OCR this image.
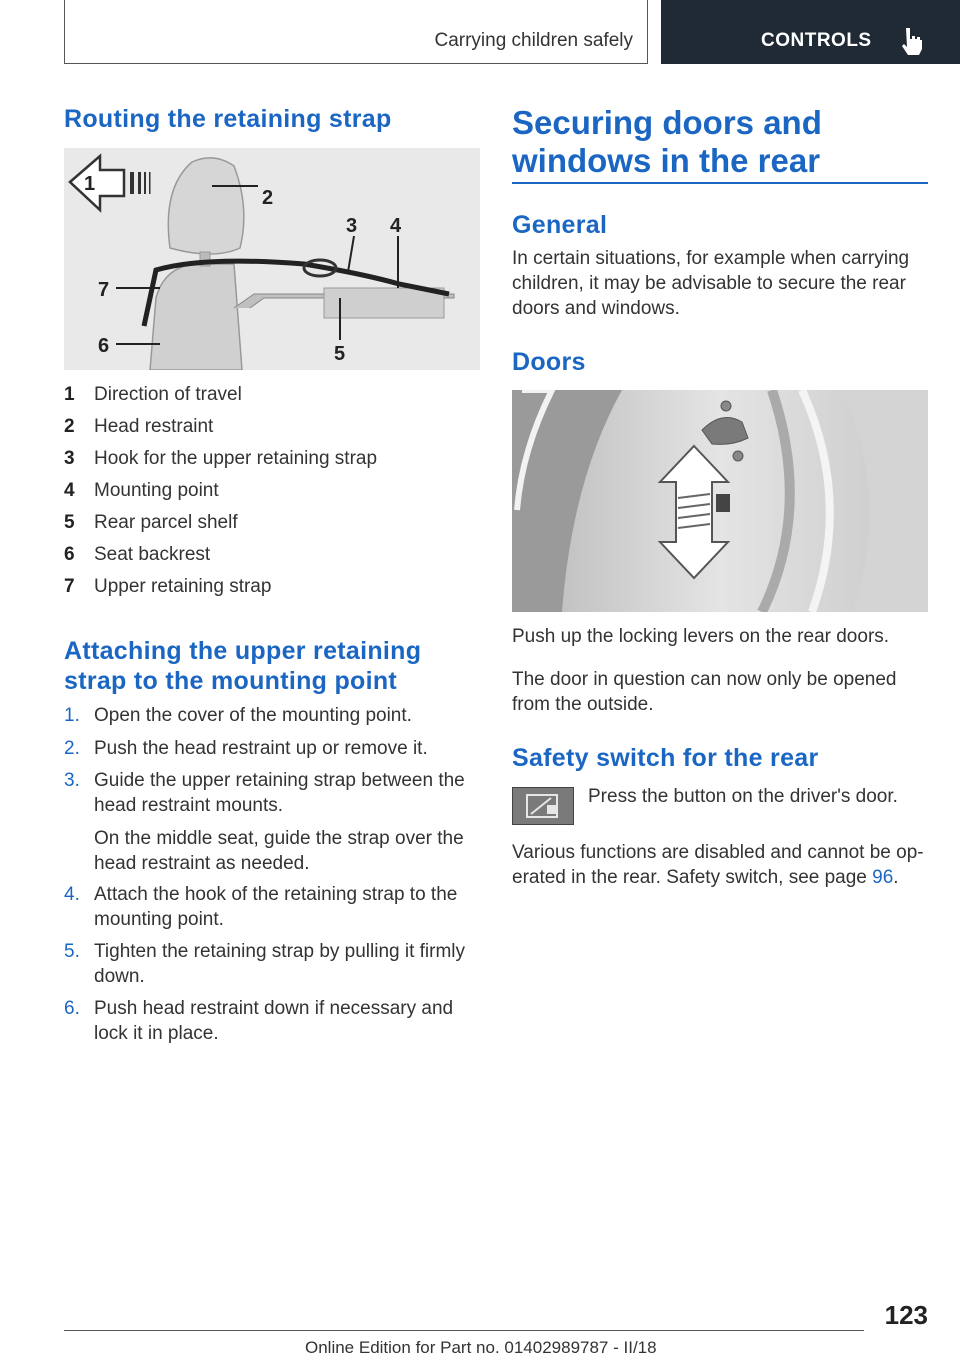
Carrying children safely	CONTROLS
Routing the retaining strap
1
2
3 4
5
6
7
1 Direction of travel
2 Head restraint
3 Hook for the upper retaining strap
4 Mounting point
5 Rear parcel shelf
6 Seat backrest
7 Upper retaining strap
Attaching the upper retaining
strap to the mounting point
1. Open the cover of the mounting point.
2. Push the head restraint up or remove it.
3. Guide the upper retaining strap between the head restraint mounts.
On the middle seat, guide the strap over the head restraint as needed.
4. Attach the hook of the retaining strap to the mounting point.
5. Tighten the retaining strap by pulling it firmly down.
6. Push head restraint down if necessary and lock it in place.
Securing doors and
windows in the rear
General
In certain situations, for example when carrying children, it may be advisable to secure the rear doors and windows.
Doors
Push up the locking levers on the rear doors.
The door in question can now only be opened from the outside.
Safety switch for the rear
Press the button on the driver's door.
Various functions are disabled and cannot be op-
erated in the rear. Safety switch, see page 96.
123
Online Edition for Part no. 01402989787 - II/18
